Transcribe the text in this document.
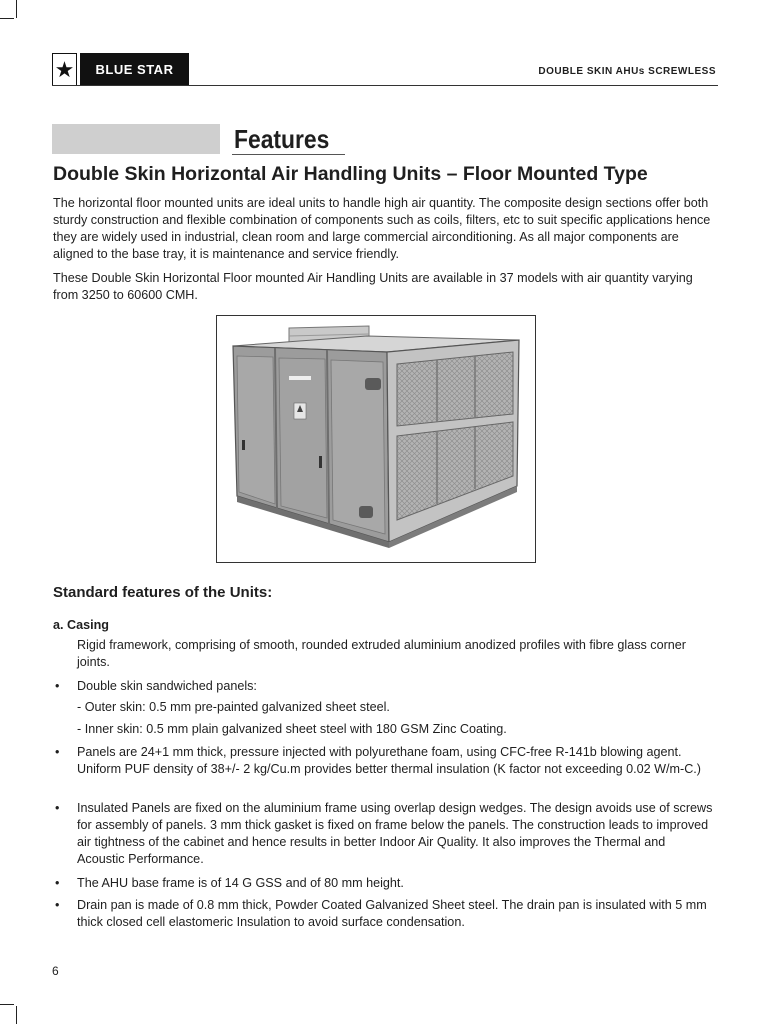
★	BLUE STAR	DOUBLE SKIN AHUs SCREWLESS
Features
Double Skin Horizontal Air Handling Units – Floor Mounted Type
The horizontal floor mounted units are ideal units to handle high air quantity. The composite design sections offer both sturdy construction and flexible combination of components such as coils, filters, etc to suit specific applications hence they are widely used in industrial, clean room and large commercial airconditioning. As all major components are aligned to the base tray, it is maintenance and service friendly.
These Double Skin Horizontal Floor mounted Air Handling Units are available in 37 models with air quantity varying from 3250 to 60600 CMH.
Standard features of the Units:
a. Casing
Rigid framework, comprising of smooth, rounded extruded aluminium anodized profiles with fibre glass corner joints.
• Double skin sandwiched panels:
- Outer skin: 0.5 mm pre-painted galvanized sheet steel.
- Inner skin: 0.5 mm plain galvanized sheet steel with 180 GSM Zinc Coating.
• Panels are 24+1 mm thick, pressure injected with polyurethane foam, using CFC-free R-141b blowing agent. Uniform PUF density of 38+/- 2 kg/Cu.m provides better thermal insulation (K factor not exceeding 0.02 W/m-C.)
• Insulated Panels are fixed on the aluminium frame using overlap design wedges. The design avoids use of screws for assembly of panels. 3 mm thick gasket is fixed on frame below the panels. The construction leads to improved air tightness of the cabinet and hence results in better Indoor Air Quality. It also improves the Thermal and Acoustic Performance.
• The AHU base frame is of 14 G GSS and of 80 mm height.
• Drain pan is made of 0.8 mm thick, Powder Coated Galvanized Sheet steel. The drain pan is insulated with 5 mm thick closed cell elastomeric Insulation to avoid surface condensation.
6
